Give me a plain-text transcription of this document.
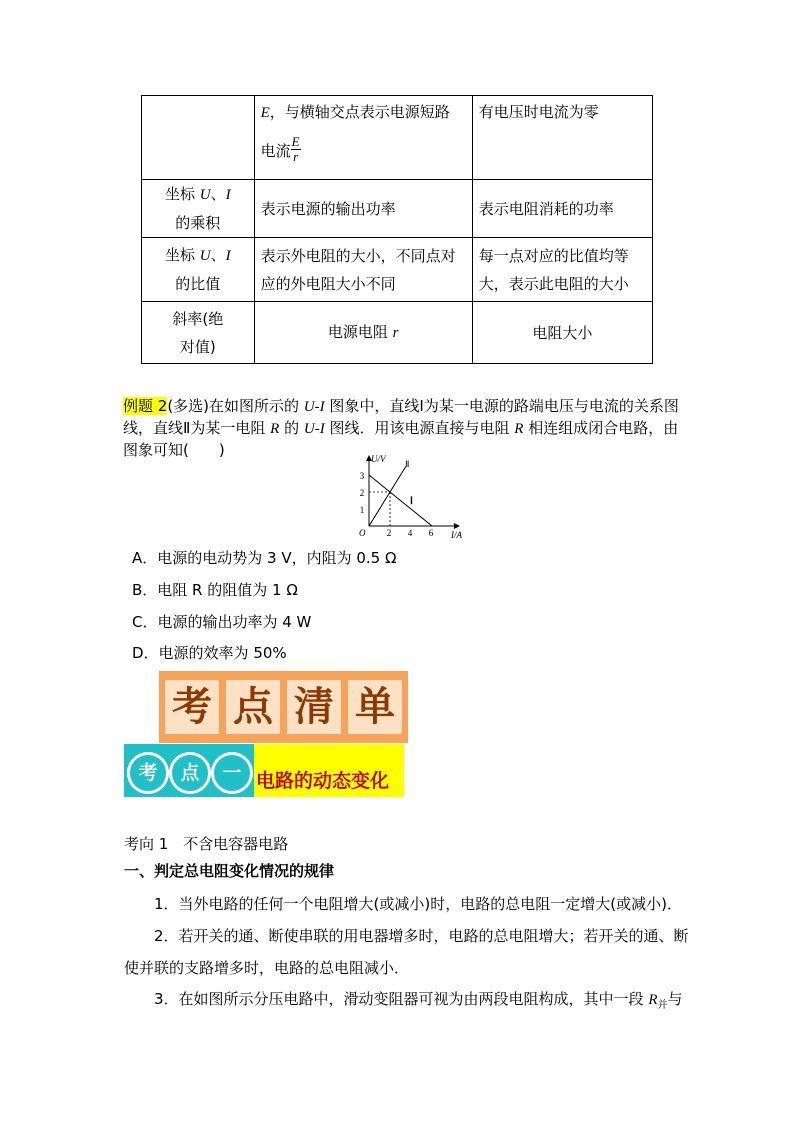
	E，与横轴交点表示电源短路
电流 $\frac{E}{r}$	有电压时电流为零
坐标 U、I
的乘积	表示电源的输出功率	表示电阻消耗的功率
坐标 U、I
的比值	表示外电阻的大小，不同点对应的外电阻大小不同	每一点对应的比值均等大，表示此电阻的大小
斜率(绝
对值)	电源电阻 r	电阻大小
例题 2(多选)在如图所示的 U-I 图象中，直线Ⅰ为某一电源的路端电压与电流的关系图线，直线Ⅱ为某一电阻 R 的 U-I 图线．用该电源直接与电阻 R 相连组成闭合电路，由图象可知(　　)	U/V
I/A
O
1
2
3
2 4 6
Ⅰ
Ⅱ
A．电源的电动势为 3 V，内阻为 0.5 Ω
B．电阻 R 的阻值为 1 Ω
C．电源的输出功率为 4 W
D．电源的效率为 50%
考 点 清 单
考	点	一 电路的动态变化
考向 1　不含电容器电路
一、判定总电阻变化情况的规律
1．当外电路的任何一个电阻增大(或减小)时，电路的总电阻一定增大(或减小)．
2．若开关的通、断使串联的用电器增多时，电路的总电阻增大；若开关的通、断使并联的支路增多时，电路的总电阻减小．
3．在如图所示分压电路中，滑动变阻器可视为由两段电阻构成，其中一段 $R_并$与
